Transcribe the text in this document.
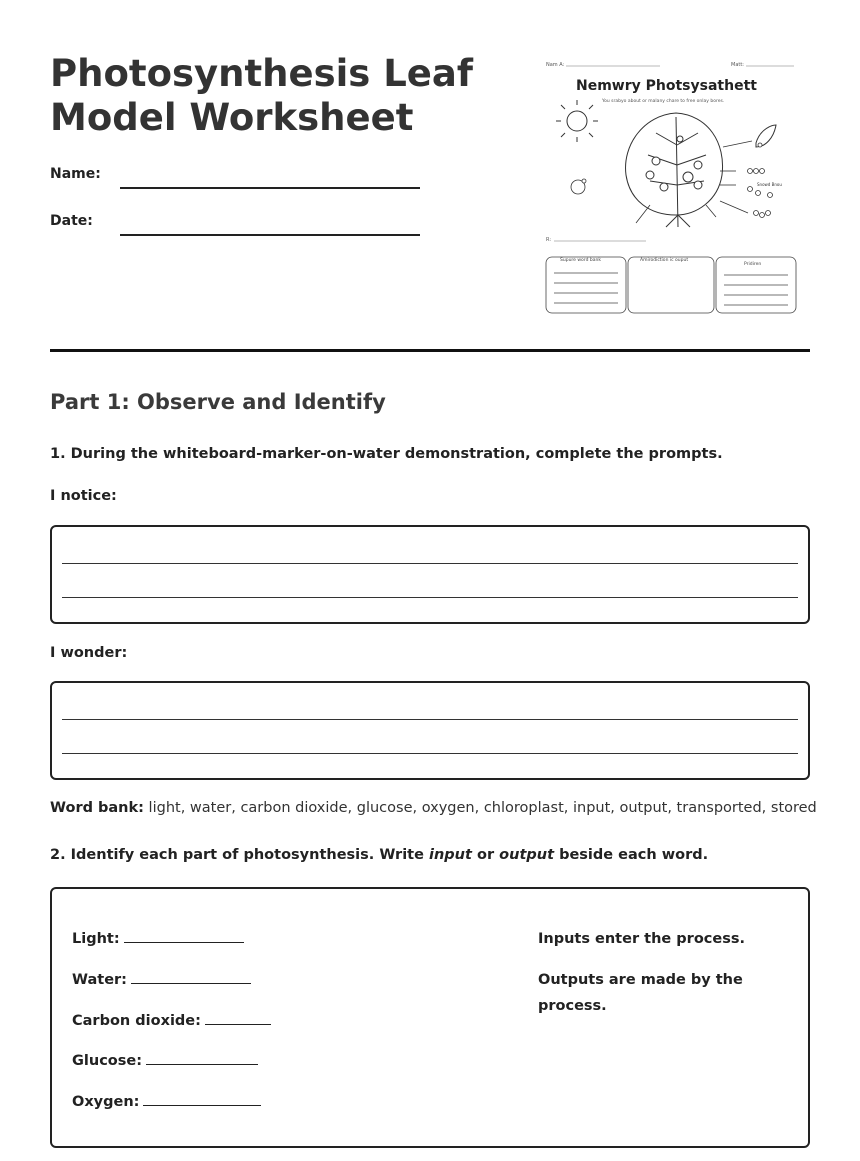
Photosynthesis Leaf
Model Worksheet
Name:
Date:
Nam A:	Matt:
Nemwry Photsysathett
You srabyo about or malany chare to free onlay bores.
Snowd Bnou
R:
Supure word bank	Amirodiction ic ouput
Pridiren
Part 1: Observe and Identify

1. During the whiteboard-marker-on-water demonstration, complete the prompts.

I notice:

I wonder:

Word bank: light, water, carbon dioxide, glucose, oxygen, chloroplast, input, output, transported, stored

2. Identify each part of photosynthesis. Write input or output beside each word.

Light:
Water:
Carbon dioxide:
Glucose:
Oxygen:
Inputs enter the process.
Outputs are made by the process.
